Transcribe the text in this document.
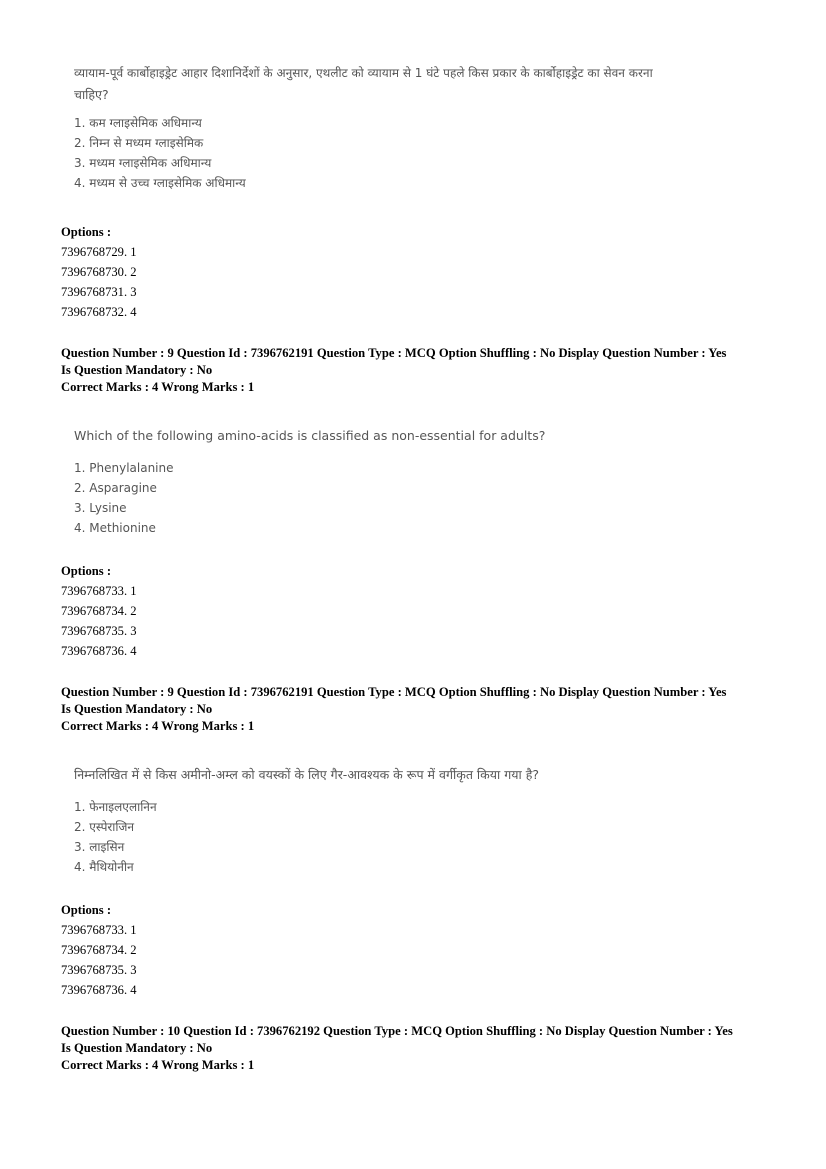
व्यायाम-पूर्व कार्बोहाइड्रेट आहार दिशानिर्देशों के अनुसार, एथलीट को व्यायाम से 1 घंटे पहले किस प्रकार के कार्बोहाइड्रेट का सेवन करना

चाहिए?

1. कम ग्लाइसेमिक अधिमान्य
2. निम्न से मध्यम ग्लाइसेमिक
3. मध्यम ग्लाइसेमिक अधिमान्य
4. मध्यम से उच्च ग्लाइसेमिक अधिमान्य
Options :
7396768729. 1
7396768730. 2
7396768731. 3
7396768732. 4
Question Number : 9 Question Id : 7396762191 Question Type : MCQ Option Shuffling : No Display Question Number : Yes
Is Question Mandatory : No
Correct Marks : 4 Wrong Marks : 1

Which of the following amino-acids is classified as non-essential for adults?

1. Phenylalanine
2. Asparagine
3. Lysine
4. Methionine
Options :
7396768733. 1
7396768734. 2
7396768735. 3
7396768736. 4
Question Number : 9 Question Id : 7396762191 Question Type : MCQ Option Shuffling : No Display Question Number : Yes
Is Question Mandatory : No
Correct Marks : 4 Wrong Marks : 1

निम्नलिखित में से किस अमीनो-अम्ल को वयस्कों के लिए गैर-आवश्यक के रूप में वर्गीकृत किया गया है?

1. फेनाइलएलानिन
2. एस्पेराजिन
3. लाइसिन
4. मैथियोनीन
Options :
7396768733. 1
7396768734. 2
7396768735. 3
7396768736. 4
Question Number : 10 Question Id : 7396762192 Question Type : MCQ Option Shuffling : No Display Question Number : Yes
Is Question Mandatory : No
Correct Marks : 4 Wrong Marks : 1
